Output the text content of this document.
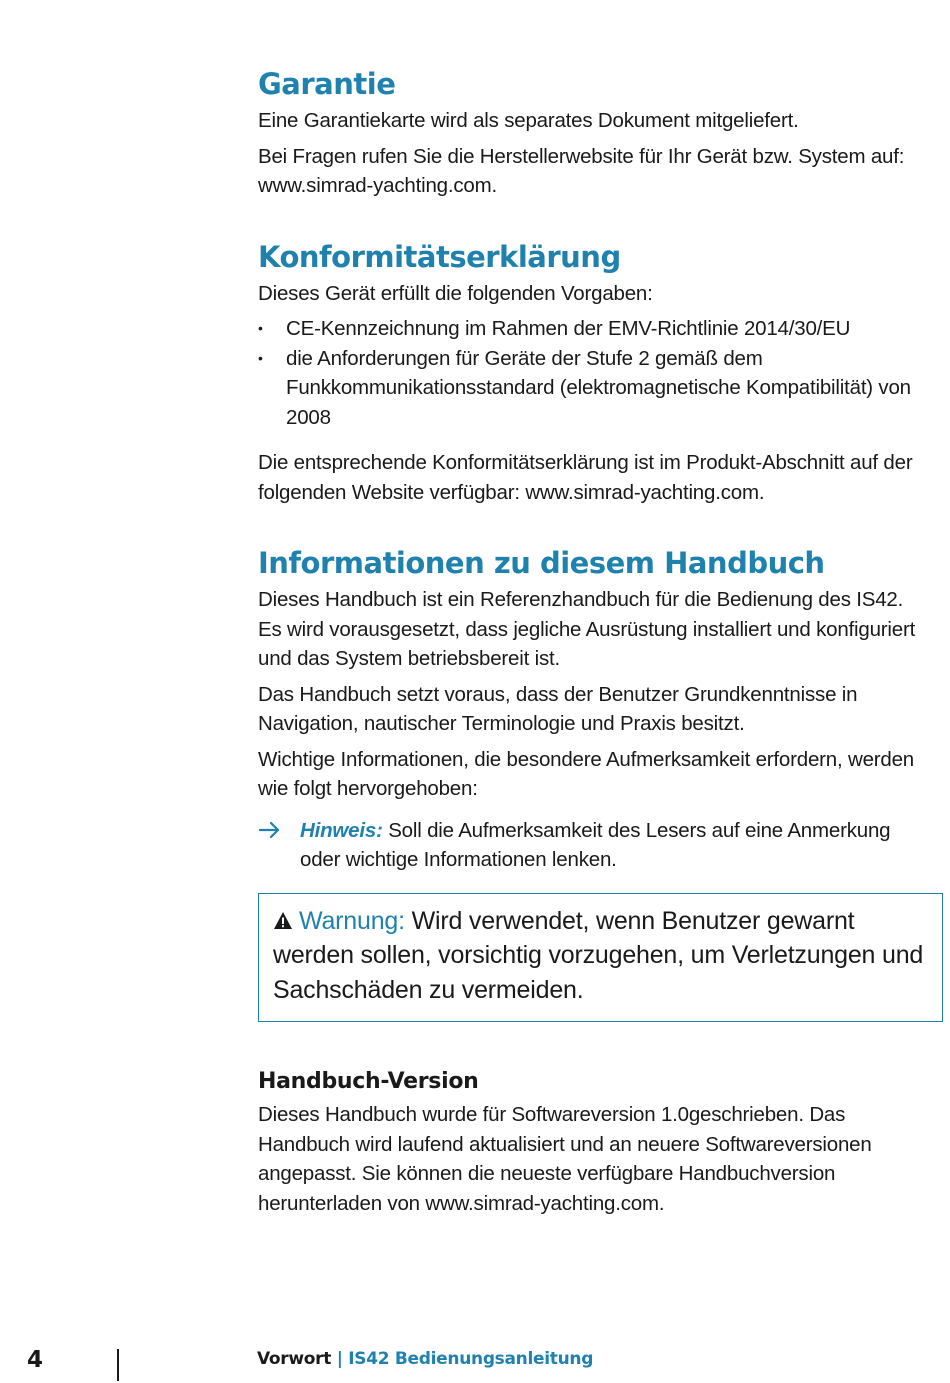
Garantie

Eine Garantiekarte wird als separates Dokument mitgeliefert.

Bei Fragen rufen Sie die Herstellerwebsite für Ihr Gerät bzw. System auf: www.simrad-yachting.com.

Konformitätserklärung

Dieses Gerät erfüllt die folgenden Vorgaben:

• CE-Kennzeichnung im Rahmen der EMV-Richtlinie 2014/30/EU
• die Anforderungen für Geräte der Stufe 2 gemäß dem Funkkommunikationsstandard (elektromagnetische Kompatibilität) von 2008

Die entsprechende Konformitätserklärung ist im Produkt-Abschnitt auf der folgenden Website verfügbar: www.simrad-yachting.com.

Informationen zu diesem Handbuch

Dieses Handbuch ist ein Referenzhandbuch für die Bedienung des IS42. Es wird vorausgesetzt, dass jegliche Ausrüstung installiert und konfiguriert und das System betriebsbereit ist.

Das Handbuch setzt voraus, dass der Benutzer Grundkenntnisse in Navigation, nautischer Terminologie und Praxis besitzt.

Wichtige Informationen, die besondere Aufmerksamkeit erfordern, werden wie folgt hervorgehoben:

Hinweis: Soll die Aufmerksamkeit des Lesers auf eine Anmerkung oder wichtige Informationen lenken.
Warnung: Wird verwendet, wenn Benutzer gewarnt werden sollen, vorsichtig vorzugehen, um Verletzungen und Sachschäden zu vermeiden.
Handbuch-Version

Dieses Handbuch wurde für Softwareversion 1.0geschrieben. Das Handbuch wird laufend aktualisiert und an neuere Softwareversionen angepasst. Sie können die neueste verfügbare Handbuchversion herunterladen von www.simrad-yachting.com.

4	Vorwort | IS42 Bedienungsanleitung
